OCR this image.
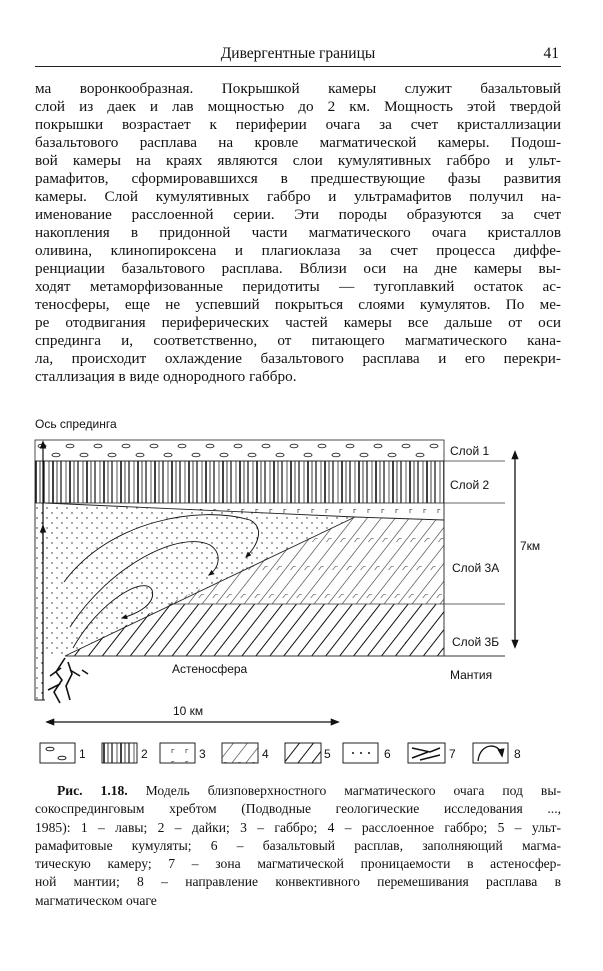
Дивергентные границы	41
ма воронкообразная. Покрышкой камеры служит базальтовый
слой из даек и лав мощностью до 2 км. Мощность этой твердой
покрышки возрастает к периферии очага за счет кристаллизации
базальтового расплава на кровле магматической камеры. Подош-
вой камеры на краях являются слои кумулятивных габбро и ульт-
рамафитов, сформировавшихся в предшествующие фазы развития
камеры. Слой кумулятивных габбро и ультрамафитов получил на-
именование расслоенной серии. Эти породы образуются за счет
накопления в придонной части магматического очага кристаллов
оливина, клинопироксена и плагиоклаза за счет процесса диффе-
ренциации базальтового расплава. Вблизи оси на дне камеры вы-
ходят метаморфизованные перидотиты — тугоплавкий остаток ас-
теносферы, еще не успевший покрыться слоями кумулятов. По ме-
ре отодвигания периферических частей камеры все дальше от оси
спрединга и, соответственно, от питающего магматического кана-
ла, происходит охлаждение базальтового расплава и его перекри-
сталлизация в виде однородного габбро.
Ось спрединга
Слой 1
Слой 2
Слой 3А
Слой 3Б
Мантия
Астеносфера
7км
10 км
1	2	3	4	5	6	7	8
Рис. 1.18. Модель близповерхностного магматического очага под вы-
сокоспрединговым хребтом (Подводные геологические исследования ...,
1985): 1 – лавы; 2 – дайки; 3 – габбро; 4 – расслоенное габбро; 5 – ульт-
рамафитовые кумуляты; 6 – базальтовый расплав, заполняющий магма-
тическую камеру; 7 – зона магматической проницаемости в астеносфер-
ной мантии; 8 – направление конвективного перемешивания расплава в
магматическом очаге
